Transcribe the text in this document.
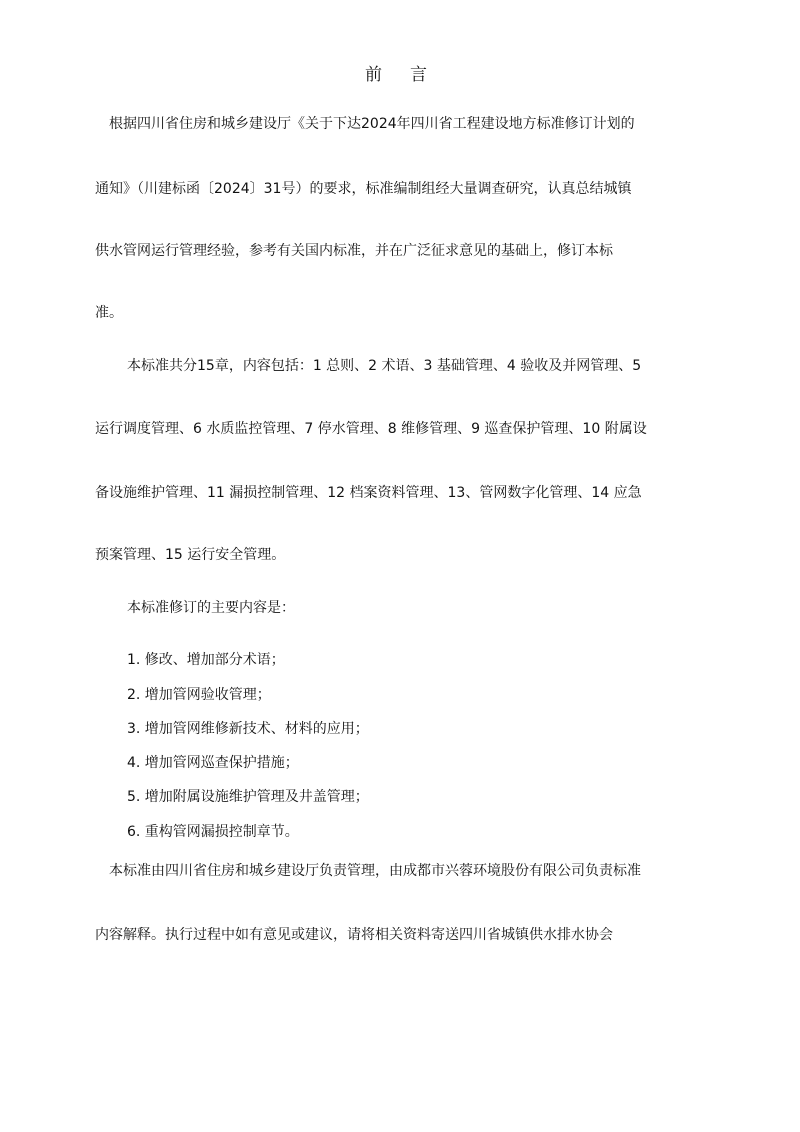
前言
根据四川省住房和城乡建设厅《关于下达2024年四川省工程建设地方标准修订计划的
通知》（川建标函〔2024〕31号）的要求，标准编制组经大量调查研究，认真总结城镇
供水管网运行管理经验，参考有关国内标准，并在广泛征求意见的基础上，修订本标
准。
本标准共分15章，内容包括：1 总则、2 术语、3 基础管理、4 验收及并网管理、5
运行调度管理、6 水质监控管理、7 停水管理、8 维修管理、9 巡查保护管理、10 附属设
备设施维护管理、11 漏损控制管理、12 档案资料管理、13、管网数字化管理、14 应急
预案管理、15 运行安全管理。
本标准修订的主要内容是：
1. 修改、增加部分术语；
2. 增加管网验收管理；
3. 增加管网维修新技术、材料的应用；
4. 增加管网巡查保护措施；
5. 增加附属设施维护管理及井盖管理；
6. 重构管网漏损控制章节。
本标准由四川省住房和城乡建设厅负责管理，由成都市兴蓉环境股份有限公司负责标准
内容解释。执行过程中如有意见或建议，请将相关资料寄送四川省城镇供水排水协会
